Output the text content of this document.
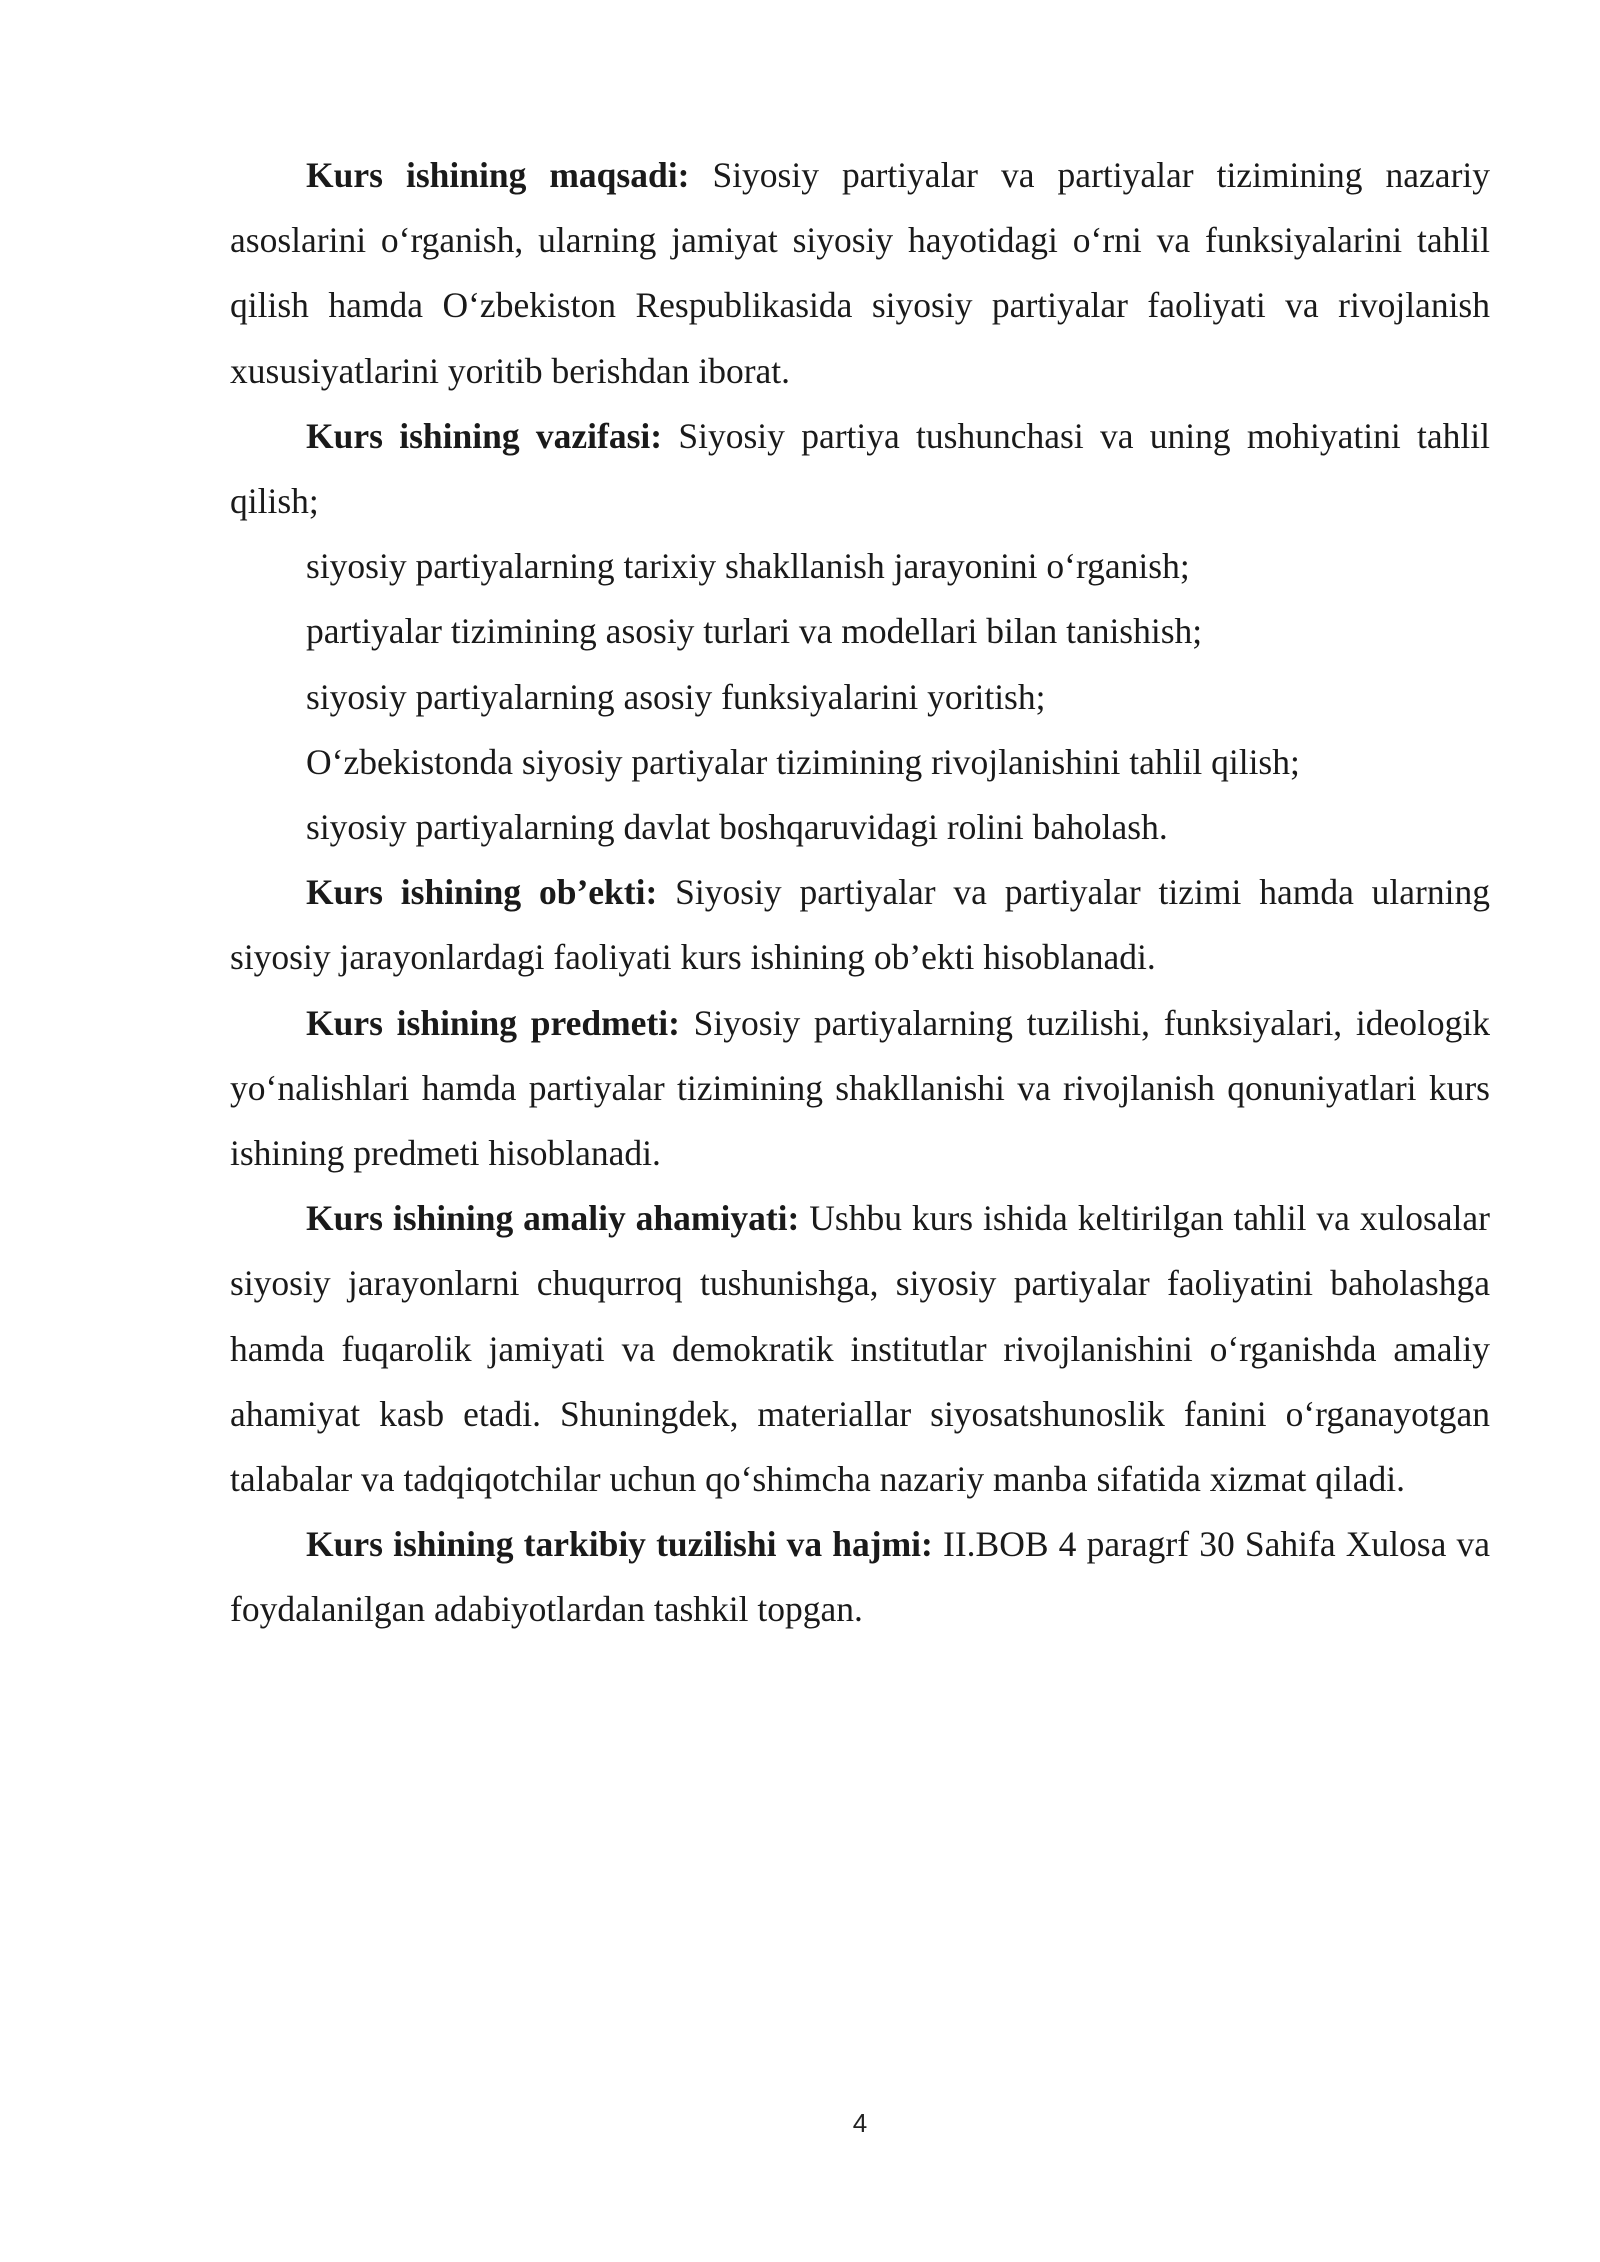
Kurs ishining maqsadi: Siyosiy partiyalar va partiyalar tizimining nazariy asoslarini oʻrganish, ularning jamiyat siyosiy hayotidagi oʻrni va funksiyalarini tahlil qilish hamda Oʻzbekiston Respublikasida siyosiy partiyalar faoliyati va rivojlanish xususiyatlarini yoritib berishdan iborat.

Kurs ishining vazifasi: Siyosiy partiya tushunchasi va uning mohiyatini tahlil qilish;

siyosiy partiyalarning tarixiy shakllanish jarayonini oʻrganish;

partiyalar tizimining asosiy turlari va modellari bilan tanishish;

siyosiy partiyalarning asosiy funksiyalarini yoritish;

Oʻzbekistonda siyosiy partiyalar tizimining rivojlanishini tahlil qilish;

siyosiy partiyalarning davlat boshqaruvidagi rolini baholash.

Kurs ishining ob’ekti: Siyosiy partiyalar va partiyalar tizimi hamda ularning siyosiy jarayonlardagi faoliyati kurs ishining ob’ekti hisoblanadi.

Kurs ishining predmeti: Siyosiy partiyalarning tuzilishi, funksiyalari, ideologik yoʻnalishlari hamda partiyalar tizimining shakllanishi va rivojlanish qonuniyatlari kurs ishining predmeti hisoblanadi.

Kurs ishining amaliy ahamiyati: Ushbu kurs ishida keltirilgan tahlil va xulosalar siyosiy jarayonlarni chuqurroq tushunishga, siyosiy partiyalar faoliyatini baholashga hamda fuqarolik jamiyati va demokratik institutlar rivojlanishini oʻrganishda amaliy ahamiyat kasb etadi. Shuningdek, materiallar siyosatshunoslik fanini oʻrganayotgan talabalar va tadqiqotchilar uchun qoʻshimcha nazariy manba sifatida xizmat qiladi.

Kurs ishining tarkibiy tuzilishi va hajmi: II.BOB 4 paragrf 30 Sahifa Xulosa va foydalanilgan adabiyotlardan tashkil topgan.

4
